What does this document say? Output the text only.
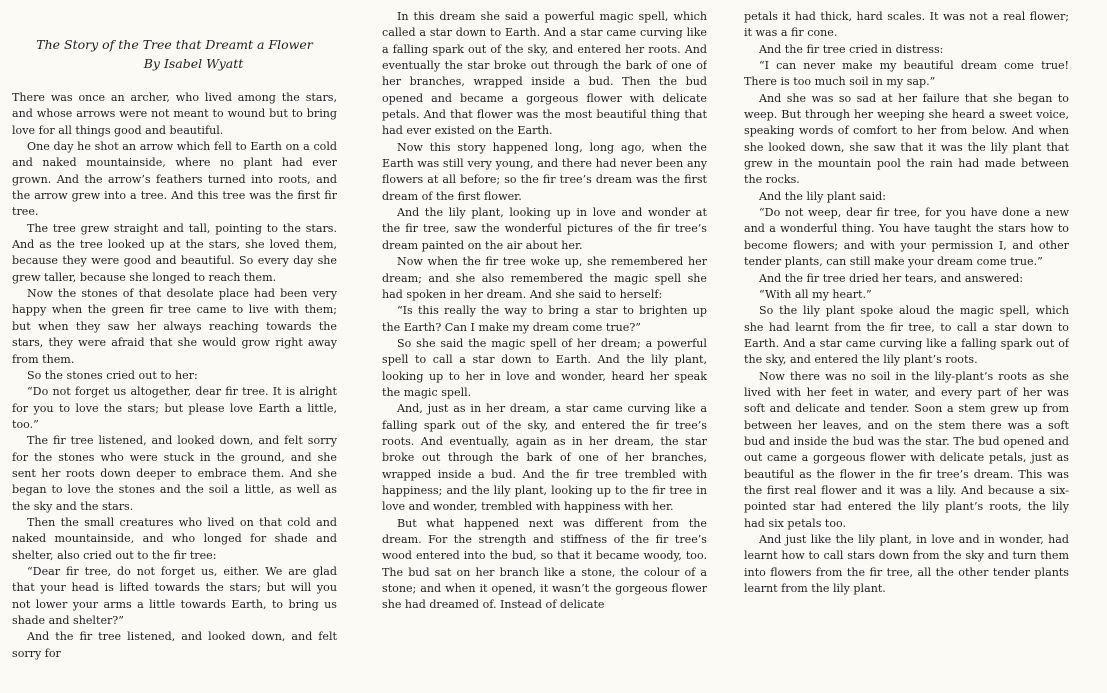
The Story of the Tree that Dreamt a Flower
By Isabel Wyatt

There was once an archer, who lived among the stars, and whose arrows were not meant to wound but to bring love for all things good and beautiful.

One day he shot an arrow which fell to Earth on a cold and naked mountainside, where no plant had ever grown. And the arrow’s feathers turned into roots, and the arrow grew into a tree. And this tree was the first fir tree.

The tree grew straight and tall, pointing to the stars. And as the tree looked up at the stars, she loved them, because they were good and beautiful. So every day she grew taller, because she longed to reach them.

Now the stones of that desolate place had been very happy when the green fir tree came to live with them; but when they saw her always reaching towards the stars, they were afraid that she would grow right away from them.

So the stones cried out to her:

“Do not forget us altogether, dear fir tree. It is alright for you to love the stars; but please love Earth a little, too.”

The fir tree listened, and looked down, and felt sorry for the stones who were stuck in the ground, and she sent her roots down deeper to embrace them. And she began to love the stones and the soil a little, as well as the sky and the stars.

Then the small creatures who lived on that cold and naked mountainside, and who longed for shade and shelter, also cried out to the fir tree:

“Dear fir tree, do not forget us, either. We are glad that your head is lifted towards the stars; but will you not lower your arms a little towards Earth, to bring us shade and shelter?”

And the fir tree listened, and looked down, and felt sorry for

In this dream she said a powerful magic spell, which called a star down to Earth. And a star came curving like a falling spark out of the sky, and entered her roots. And eventually the star broke out through the bark of one of her branches, wrapped inside a bud. Then the bud opened and became a gorgeous flower with delicate petals. And that flower was the most beautiful thing that had ever existed on the Earth.

Now this story happened long, long ago, when the Earth was still very young, and there had never been any flowers at all before; so the fir tree’s dream was the first dream of the first flower.

And the lily plant, looking up in love and wonder at the fir tree, saw the wonderful pictures of the fir tree’s dream painted on the air about her.

Now when the fir tree woke up, she remembered her dream; and she also remembered the magic spell she had spoken in her dream. And she said to herself:

“Is this really the way to bring a star to brighten up the Earth? Can I make my dream come true?”

So she said the magic spell of her dream; a powerful spell to call a star down to Earth. And the lily plant, looking up to her in love and wonder, heard her speak the magic spell.

And, just as in her dream, a star came curving like a falling spark out of the sky, and entered the fir tree’s roots. And eventually, again as in her dream, the star broke out through the bark of one of her branches, wrapped inside a bud. And the fir tree trembled with happiness; and the lily plant, looking up to the fir tree in love and wonder, trembled with happiness with her.

But what happened next was different from the dream. For the strength and stiffness of the fir tree’s wood entered into the bud, so that it became woody, too. The bud sat on her branch like a stone, the colour of a stone; and when it opened, it wasn’t the gorgeous flower she had dreamed of. Instead of delicate

petals it had thick, hard scales. It was not a real flower; it was a fir cone.

And the fir tree cried in distress:

“I can never make my beautiful dream come true! There is too much soil in my sap.”

And she was so sad at her failure that she began to weep. But through her weeping she heard a sweet voice, speaking words of comfort to her from below. And when she looked down, she saw that it was the lily plant that grew in the mountain pool the rain had made between the rocks.

And the lily plant said:

“Do not weep, dear fir tree, for you have done a new and a wonderful thing. You have taught the stars how to become flowers; and with your permission I, and other tender plants, can still make your dream come true.”

And the fir tree dried her tears, and answered:

“With all my heart.”

So the lily plant spoke aloud the magic spell, which she had learnt from the fir tree, to call a star down to Earth. And a star came curving like a falling spark out of the sky, and entered the lily plant’s roots.

Now there was no soil in the lily-plant’s roots as she lived with her feet in water, and every part of her was soft and delicate and tender. Soon a stem grew up from between her leaves, and on the stem there was a soft bud and inside the bud was the star. The bud opened and out came a gorgeous flower with delicate petals, just as beautiful as the flower in the fir tree’s dream. This was the first real flower and it was a lily. And because a six-pointed star had entered the lily plant’s roots, the lily had six petals too.

And just like the lily plant, in love and in wonder, had learnt how to call stars down from the sky and turn them into flowers from the fir tree, all the other tender plants learnt from the lily plant.
